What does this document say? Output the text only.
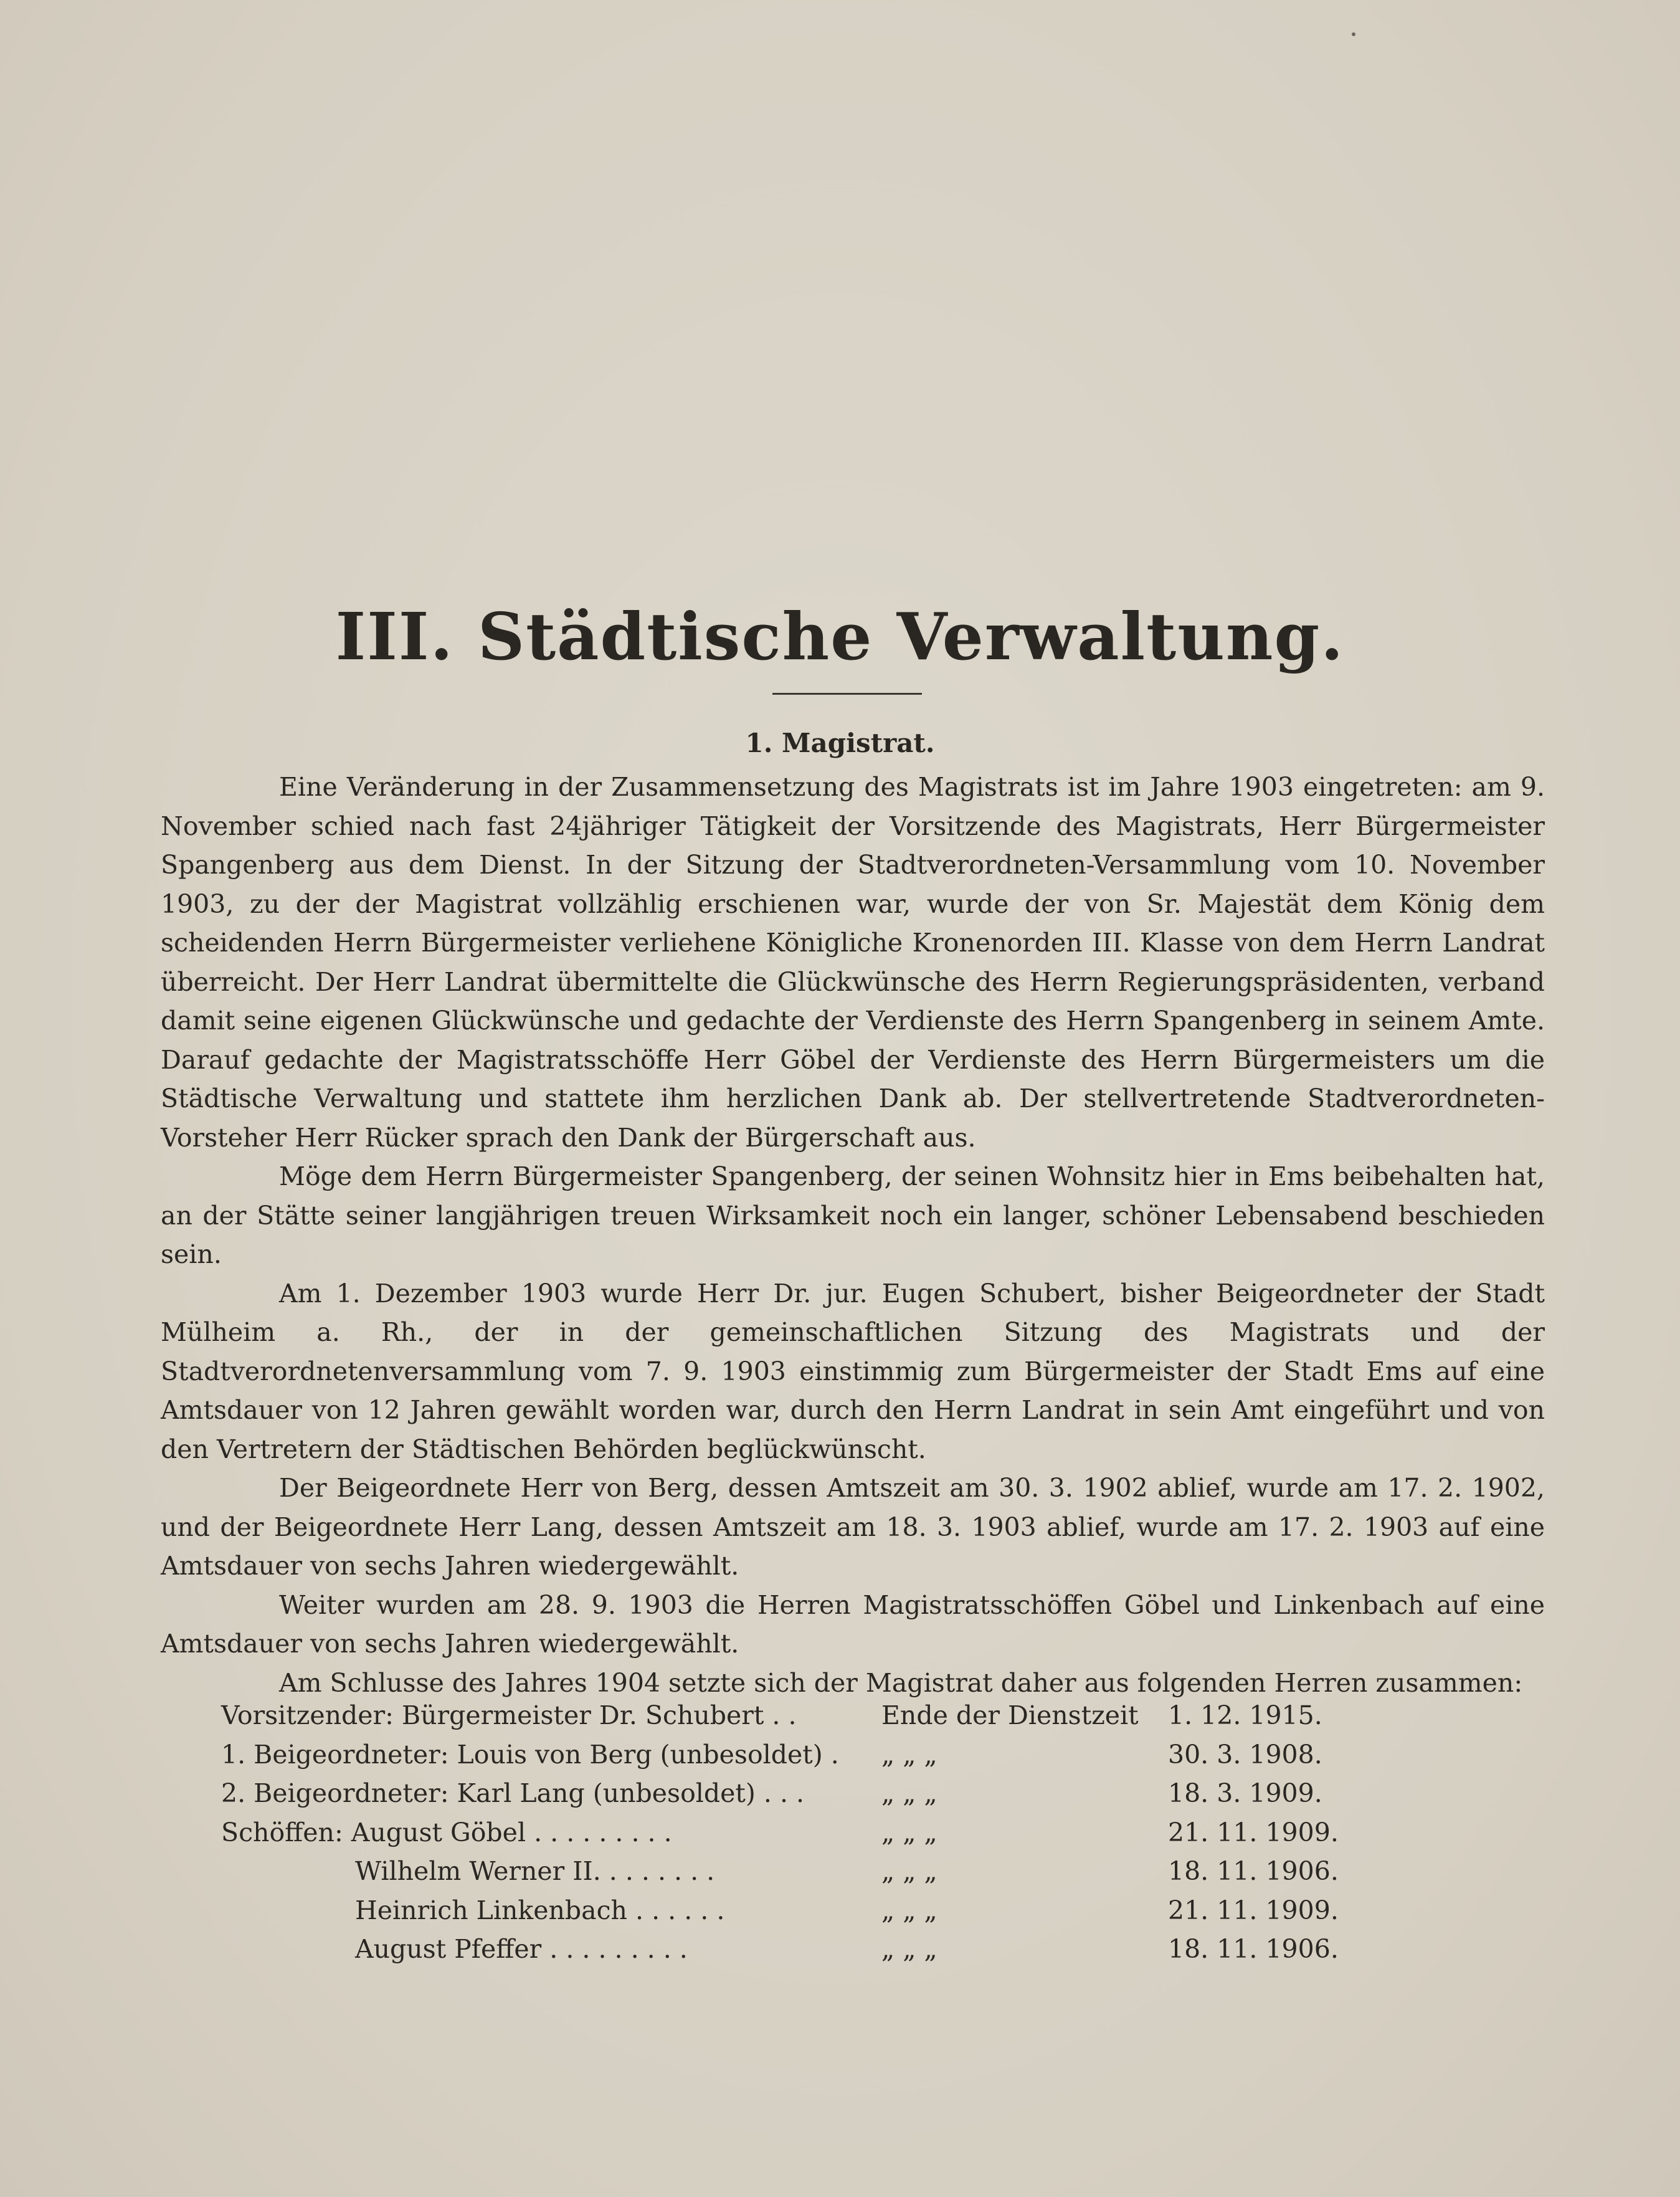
III. Städtische Verwaltung.
1. Magistrat.

Eine Veränderung in der Zusammensetzung des Magistrats ist im Jahre 1903 eingetreten: am 9. November schied nach fast 24jähriger Tätigkeit der Vorsitzende des Magistrats, Herr Bürgermeister Spangenberg aus dem Dienst. In der Sitzung der Stadtverordneten-Versammlung vom 10. November 1903, zu der der Magistrat vollzählig erschienen war, wurde der von Sr. Majestät dem König dem scheidenden Herrn Bürgermeister verliehene Königliche Kronenorden III. Klasse von dem Herrn Landrat überreicht. Der Herr Landrat übermittelte die Glückwünsche des Herrn Regierungspräsidenten, verband damit seine eigenen Glückwünsche und gedachte der Verdienste des Herrn Spangenberg in seinem Amte. Darauf gedachte der Magistratsschöffe Herr Göbel der Verdienste des Herrn Bürgermeisters um die Städtische Verwaltung und stattete ihm herzlichen Dank ab. Der stellvertretende Stadtverordneten-Vorsteher Herr Rücker sprach den Dank der Bürgerschaft aus.

Möge dem Herrn Bürgermeister Spangenberg, der seinen Wohnsitz hier in Ems beibehalten hat, an der Stätte seiner langjährigen treuen Wirksamkeit noch ein langer, schöner Lebensabend beschieden sein.

Am 1. Dezember 1903 wurde Herr Dr. jur. Eugen Schubert, bisher Beigeordneter der Stadt Mülheim a. Rh., der in der gemeinschaftlichen Sitzung des Magistrats und der Stadtverordnetenversammlung vom 7. 9. 1903 einstimmig zum Bürgermeister der Stadt Ems auf eine Amtsdauer von 12 Jahren gewählt worden war, durch den Herrn Landrat in sein Amt eingeführt und von den Vertretern der Städtischen Behörden beglückwünscht.

Der Beigeordnete Herr von Berg, dessen Amtszeit am 30. 3. 1902 ablief, wurde am 17. 2. 1902, und der Beigeordnete Herr Lang, dessen Amtszeit am 18. 3. 1903 ablief, wurde am 17. 2. 1903 auf eine Amtsdauer von sechs Jahren wiedergewählt.

Weiter wurden am 28. 9. 1903 die Herren Magistratsschöffen Göbel und Linkenbach auf eine Amtsdauer von sechs Jahren wiedergewählt.

Am Schlusse des Jahres 1904 setzte sich der Magistrat daher aus folgenden Herren zusammen:

Vorsitzender: Bürgermeister Dr. Schubert . .	Ende der Dienstzeit 1. 12. 1915.
1. Beigeordneter: Louis von Berg (unbesoldet) . „ „ „	30. 3. 1908.
2. Beigeordneter: Karl Lang (unbesoldet) . . .	„ „ „	18. 3. 1909.
Schöffen: August Göbel . . . . . . . . .	„ „ „	21. 11. 1909.
Wilhelm Werner II. . . . . . . .	„ „ „	18. 11. 1906.
Heinrich Linkenbach . . . . . .	„ „ „	21. 11. 1909.
August Pfeffer . . . . . . . . .	„ „ „	18. 11. 1906.
